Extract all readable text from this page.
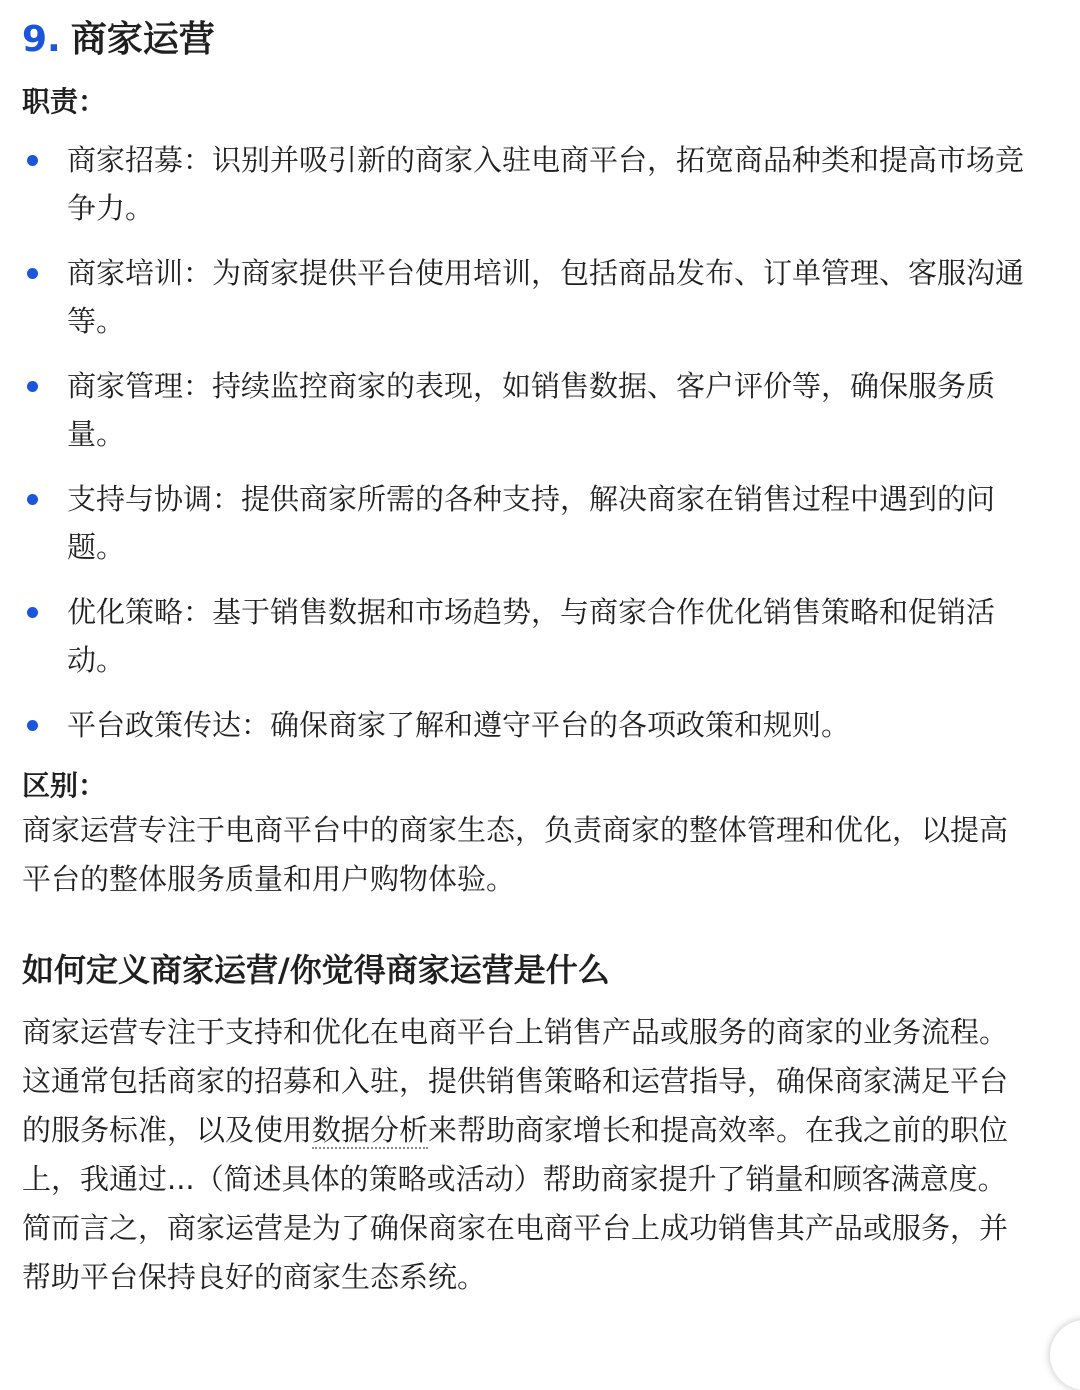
9. 商家运营
职责：
商家招募：识别并吸引新的商家入驻电商平台，拓宽商品种类和提高市场竞争力。
商家培训：为商家提供平台使用培训，包括商品发布、订单管理、客服沟通等。
商家管理：持续监控商家的表现，如销售数据、客户评价等，确保服务质量。
支持与协调：提供商家所需的各种支持，解决商家在销售过程中遇到的问题。
优化策略：基于销售数据和市场趋势，与商家合作优化销售策略和促销活动。
平台政策传达：确保商家了解和遵守平台的各项政策和规则。
区别：

商家运营专注于电商平台中的商家生态，负责商家的整体管理和优化，以提高平台的整体服务质量和用户购物体验。

如何定义商家运营/你觉得商家运营是什么

商家运营专注于支持和优化在电商平台上销售产品或服务的商家的业务流程。这通常包括商家的招募和入驻，提供销售策略和运营指导，确保商家满足平台的服务标准，以及使用数据分析来帮助商家增长和提高效率。在我之前的职位上，我通过...（简述具体的策略或活动）帮助商家提升了销量和顾客满意度。简而言之，商家运营是为了确保商家在电商平台上成功销售其产品或服务，并帮助平台保持良好的商家生态系统。
